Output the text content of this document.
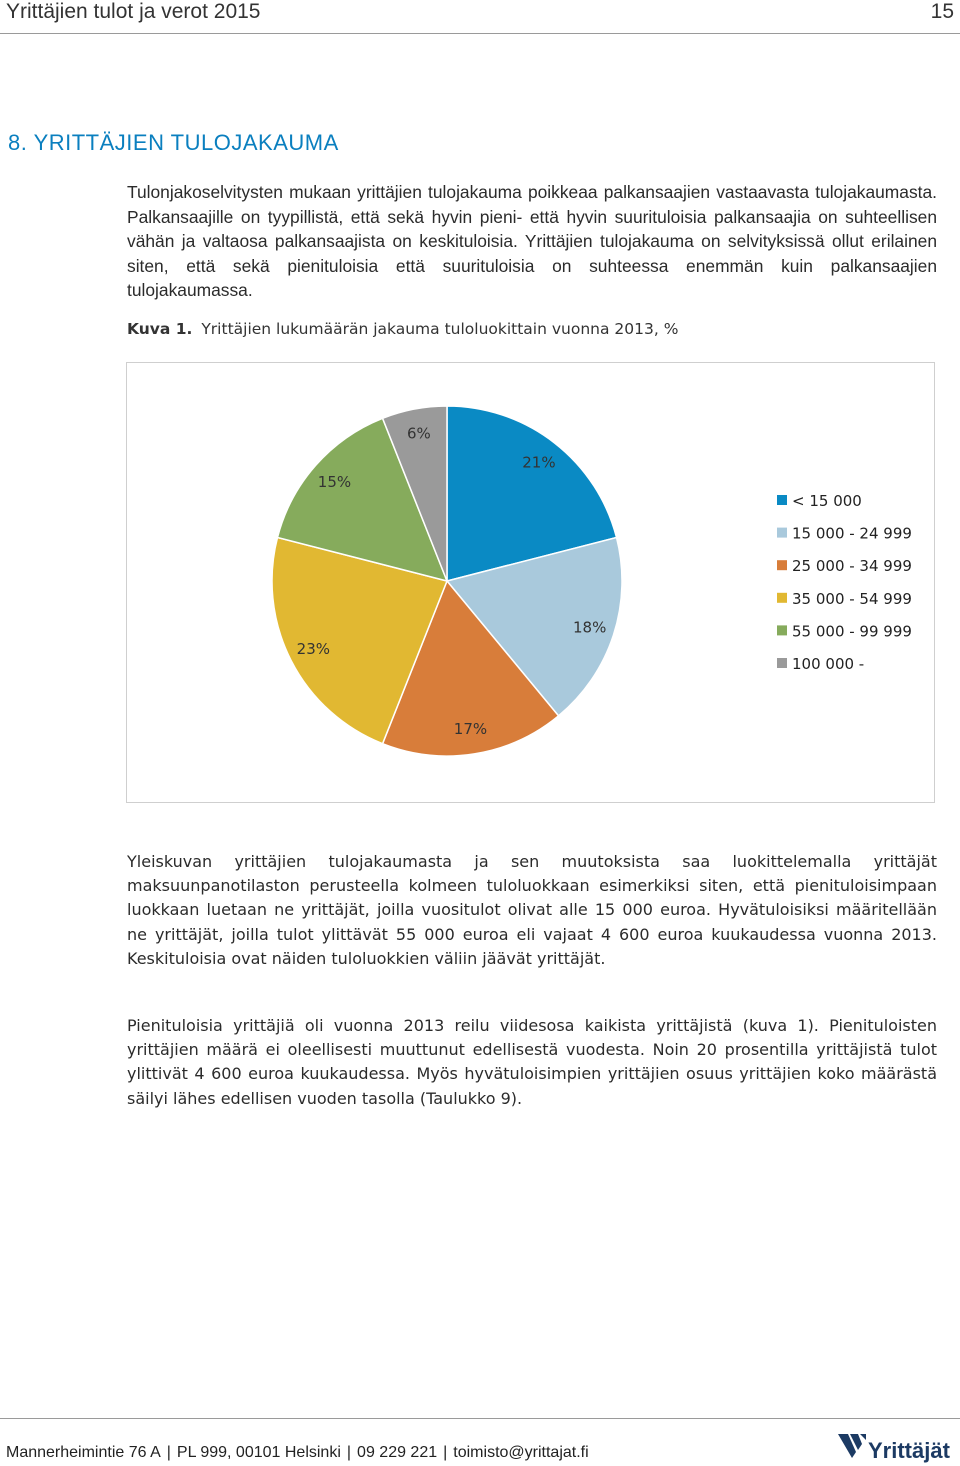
Yrittäjien tulot ja verot 2015	15
8. YRITTÄJIEN TULOJAKAUMA

Tulonjakoselvitysten mukaan yrittäjien tulojakauma poikkeaa palkansaajien vastaavasta tulojakaumasta. Palkansaajille on tyypillistä, että sekä hyvin pieni- että hyvin suurituloisia palkansaajia on suhteellisen vähän ja valtaosa palkansaajista on keskituloisia. Yrittäjien tulojakauma on selvityksissä ollut erilainen siten, että sekä pienituloisia että suurituloisia on suhteessa enemmän kuin palkansaajien tulojakaumassa.

Kuva 1. Yrittäjien lukumäärän jakauma tuloluokittain vuonna 2013, %

21%
18%
17%
23%
15%
6%
< 15 000
15 000 - 24 999
25 000 - 34 999
35 000 - 54 999
55 000 - 99 999
100 000 -

Yleiskuvan yrittäjien tulojakaumasta ja sen muutoksista saa luokittelemalla yrittäjät maksuunpanotilaston perusteella kolmeen tuloluokkaan esimerkiksi siten, että pienituloisimpaan luokkaan luetaan ne yrittäjät, joilla vuositulot olivat alle 15 000 euroa. Hyvätuloisiksi määritellään ne yrittäjät, joilla tulot ylittävät 55 000 euroa eli vajaat 4 600 euroa kuukaudessa vuonna 2013. Keskituloisia ovat näiden tuloluokkien väliin jäävät yrittäjät.

Pienituloisia yrittäjiä oli vuonna 2013 reilu viidesosa kaikista yrittäjistä (kuva 1). Pienituloisten yrittäjien määrä ei oleellisesti muuttunut edellisestä vuodesta. Noin 20 prosentilla yrittäjistä tulot ylittivät 4 600 euroa kuukaudessa. Myös hyvätuloisimpien yrittäjien osuus yrittäjien koko määrästä säilyi lähes edellisen vuoden tasolla (Taulukko 9).

Mannerheimintie 76 A | PL 999, 00101 Helsinki | 09 229 221 | toimisto@yrittajat.fi	Yrittäjät
